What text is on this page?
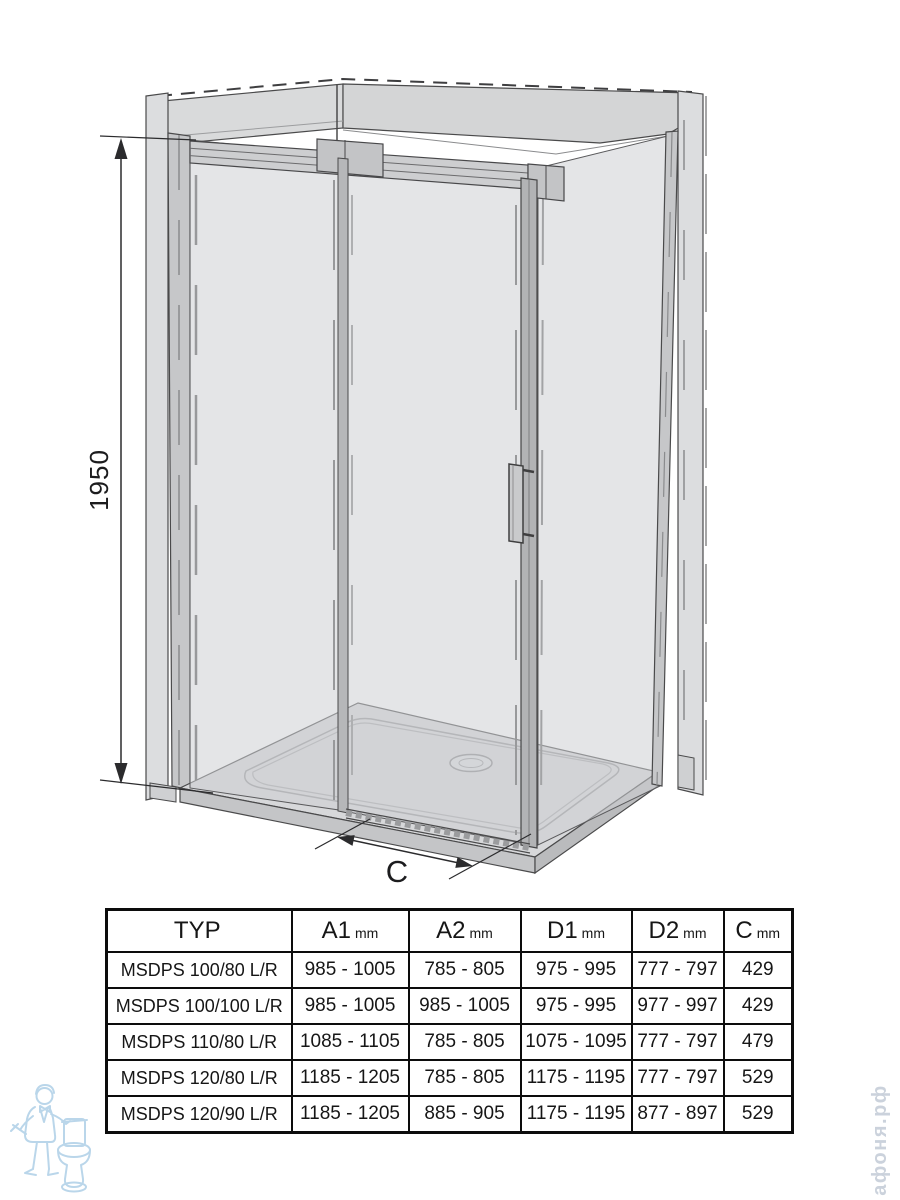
1950
C
афоня.рф
TYP	A1 mm	A2 mm	D1 mm	D2 mm	C mm
MSDPS 100/80 L/R	985 - 1005	785 - 805	975 - 995	777 - 797	429
MSDPS 100/100 L/R	985 - 1005	985 - 1005	975 - 995	977 - 997	429
MSDPS 110/80 L/R	1085 - 1105	785 - 805	1075 - 1095	777 - 797	479
MSDPS 120/80 L/R	1185 - 1205	785 - 805	1175 - 1195	777 - 797	529
MSDPS 120/90 L/R	1185 - 1205	885 - 905	1175 - 1195	877 - 897	529
